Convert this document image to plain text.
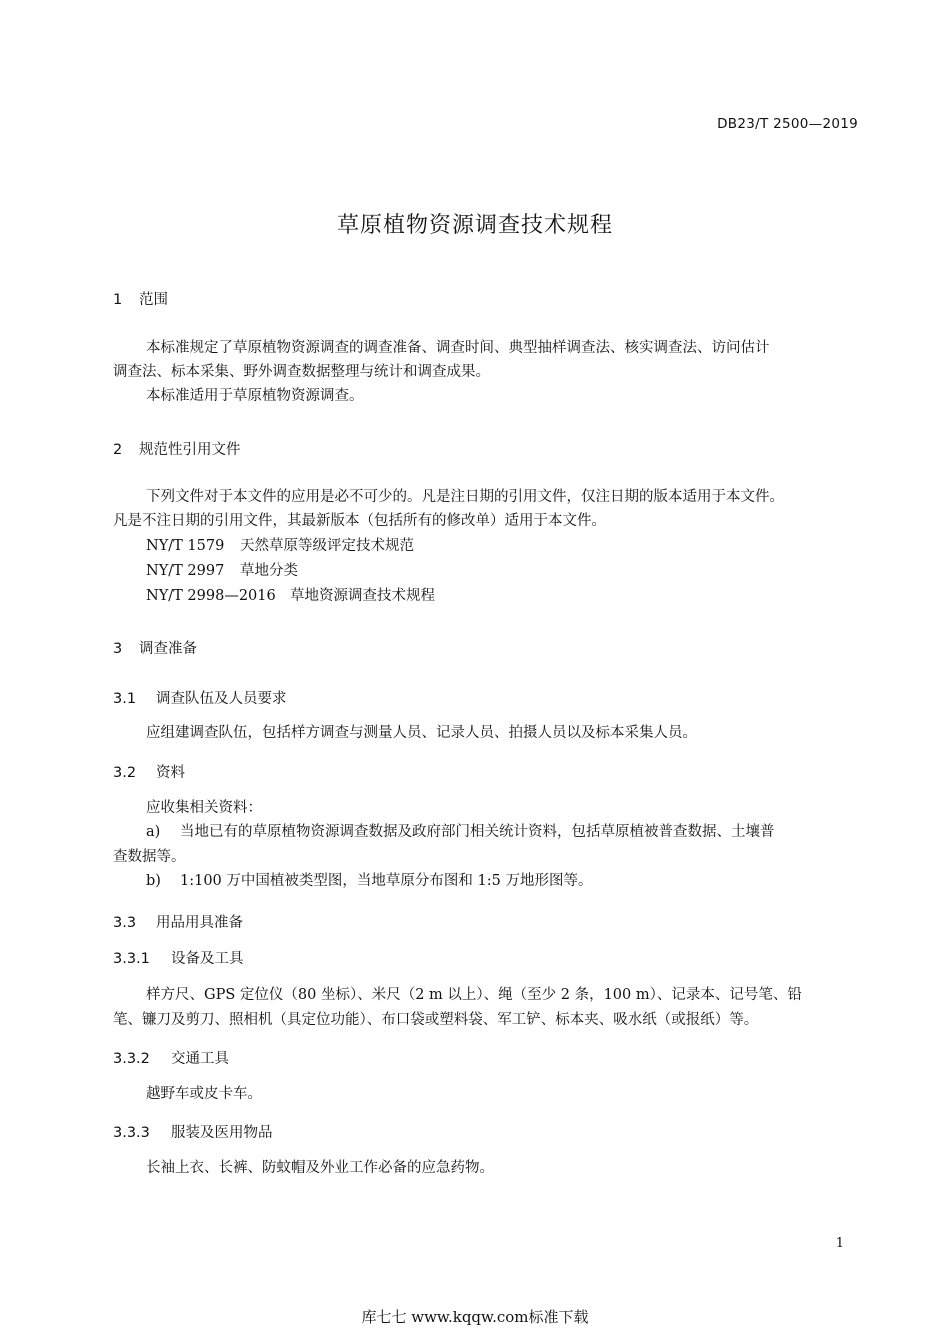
DB23/T 2500—2019
草原植物资源调查技术规程
1 范围
本标准规定了草原植物资源调查的调查准备、调查时间、典型抽样调查法、核实调查法、访问估计
调查法、标本采集、野外调查数据整理与统计和调查成果。
本标准适用于草原植物资源调查。
2 规范性引用文件
下列文件对于本文件的应用是必不可少的。凡是注日期的引用文件，仅注日期的版本适用于本文件。
凡是不注日期的引用文件，其最新版本（包括所有的修改单）适用于本文件。
NY/T 1579 天然草原等级评定技术规范
NY/T 2997 草地分类
NY/T 2998—2016 草地资源调查技术规程
3 调查准备
3.1 调查队伍及人员要求
应组建调查队伍，包括样方调查与测量人员、记录人员、拍摄人员以及标本采集人员。
3.2 资料
应收集相关资料：
a) 当地已有的草原植物资源调查数据及政府部门相关统计资料，包括草原植被普查数据、土壤普
查数据等。
b) 1:100 万中国植被类型图，当地草原分布图和 1:5 万地形图等。
3.3 用品用具准备
3.3.1 设备及工具
样方尺、GPS 定位仪（80 坐标）、米尺（2 m 以上）、绳（至少 2 条，100 m）、记录本、记号笔、铅
笔、镰刀及剪刀、照相机（具定位功能）、布口袋或塑料袋、军工铲、标本夹、吸水纸（或报纸）等。
3.3.2 交通工具
越野车或皮卡车。
3.3.3 服装及医用物品
长袖上衣、长裤、防蚊帽及外业工作必备的应急药物。
1
库七七 www.kqqw.com标准下载
